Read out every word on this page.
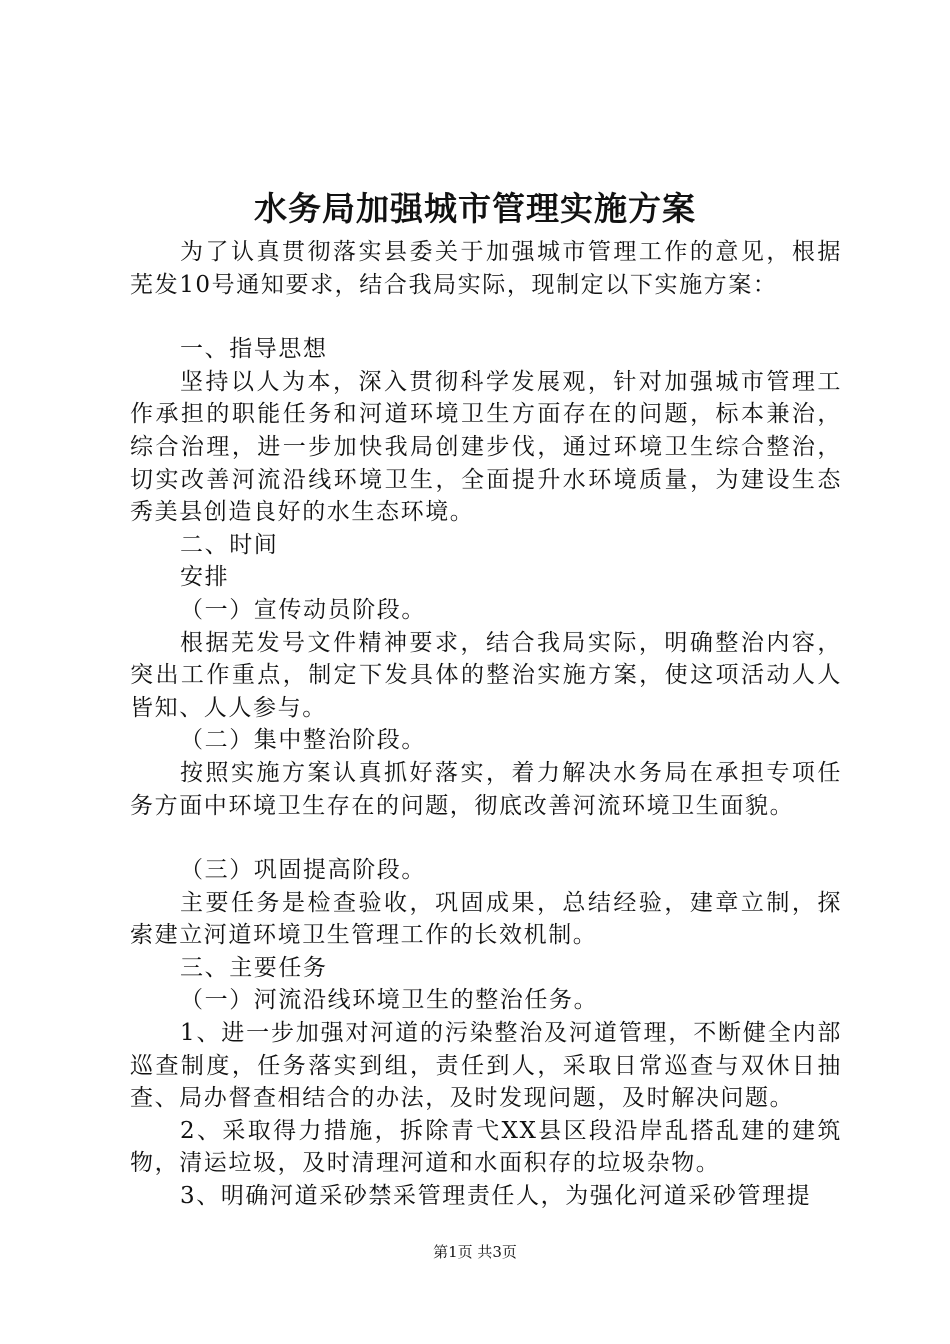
水务局加强城市管理实施方案

为了认真贯彻落实县委关于加强城市管理工作的意见，根据芜发10号通知要求，结合我局实际，现制定以下实施方案：

一、指导思想

坚持以人为本，深入贯彻科学发展观，针对加强城市管理工作承担的职能任务和河道环境卫生方面存在的问题，标本兼治，综合治理，进一步加快我局创建步伐，通过环境卫生综合整治，切实改善河流沿线环境卫生，全面提升水环境质量，为建设生态秀美县创造良好的水生态环境。

二、时间

安排

（一）宣传动员阶段。

根据芜发号文件精神要求，结合我局实际，明确整治内容，突出工作重点，制定下发具体的整治实施方案，使这项活动人人皆知、人人参与。

（二）集中整治阶段。

按照实施方案认真抓好落实，着力解决水务局在承担专项任务方面中环境卫生存在的问题，彻底改善河流环境卫生面貌。

（三）巩固提高阶段。

主要任务是检查验收，巩固成果，总结经验，建章立制，探索建立河道环境卫生管理工作的长效机制。

三、主要任务

（一）河流沿线环境卫生的整治任务。

1、进一步加强对河道的污染整治及河道管理，不断健全内部巡查制度，任务落实到组，责任到人，采取日常巡查与双休日抽查、局办督查相结合的办法，及时发现问题，及时解决问题。

2、采取得力措施，拆除青弋XX县区段沿岸乱搭乱建的建筑物，清运垃圾，及时清理河道和水面积存的垃圾杂物。

3、明确河道采砂禁采管理责任人，为强化河道采砂管理提

第1页 共3页
